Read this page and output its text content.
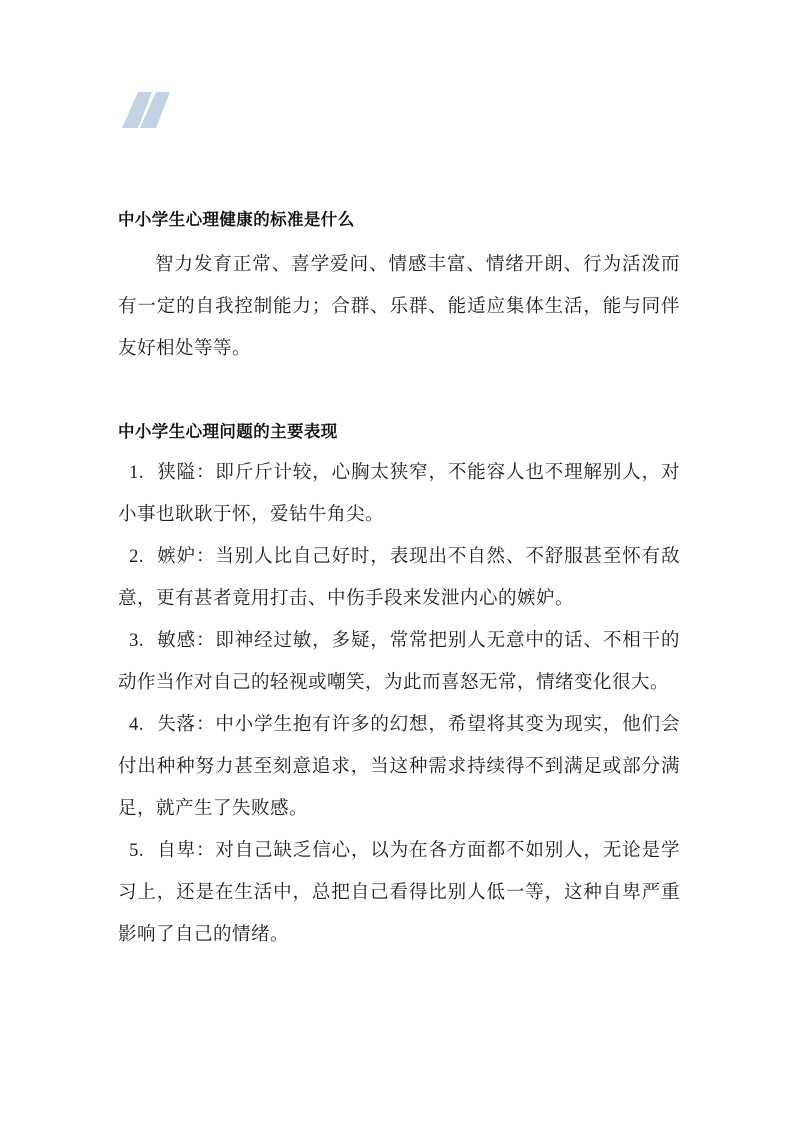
中小学生心理健康的标准是什么

智力发育正常、喜学爱问、情感丰富、情绪开朗、行为活泼而有一定的自我控制能力；合群、乐群、能适应集体生活，能与同伴友好相处等等。

中小学生心理问题的主要表现
1. 狭隘：即斤斤计较，心胸太狭窄，不能容人也不理解别人，对小事也耿耿于怀，爱钻牛角尖。
2. 嫉妒：当别人比自己好时，表现出不自然、不舒服甚至怀有敌意，更有甚者竟用打击、中伤手段来发泄内心的嫉妒。
3. 敏感：即神经过敏，多疑，常常把别人无意中的话、不相干的动作当作对自己的轻视或嘲笑，为此而喜怒无常，情绪变化很大。
4. 失落：中小学生抱有许多的幻想，希望将其变为现实，他们会付出种种努力甚至刻意追求，当这种需求持续得不到满足或部分满足，就产生了失败感。
5. 自卑：对自己缺乏信心，以为在各方面都不如别人，无论是学习上，还是在生活中，总把自己看得比别人低一等，这种自卑严重影响了自己的情绪。
